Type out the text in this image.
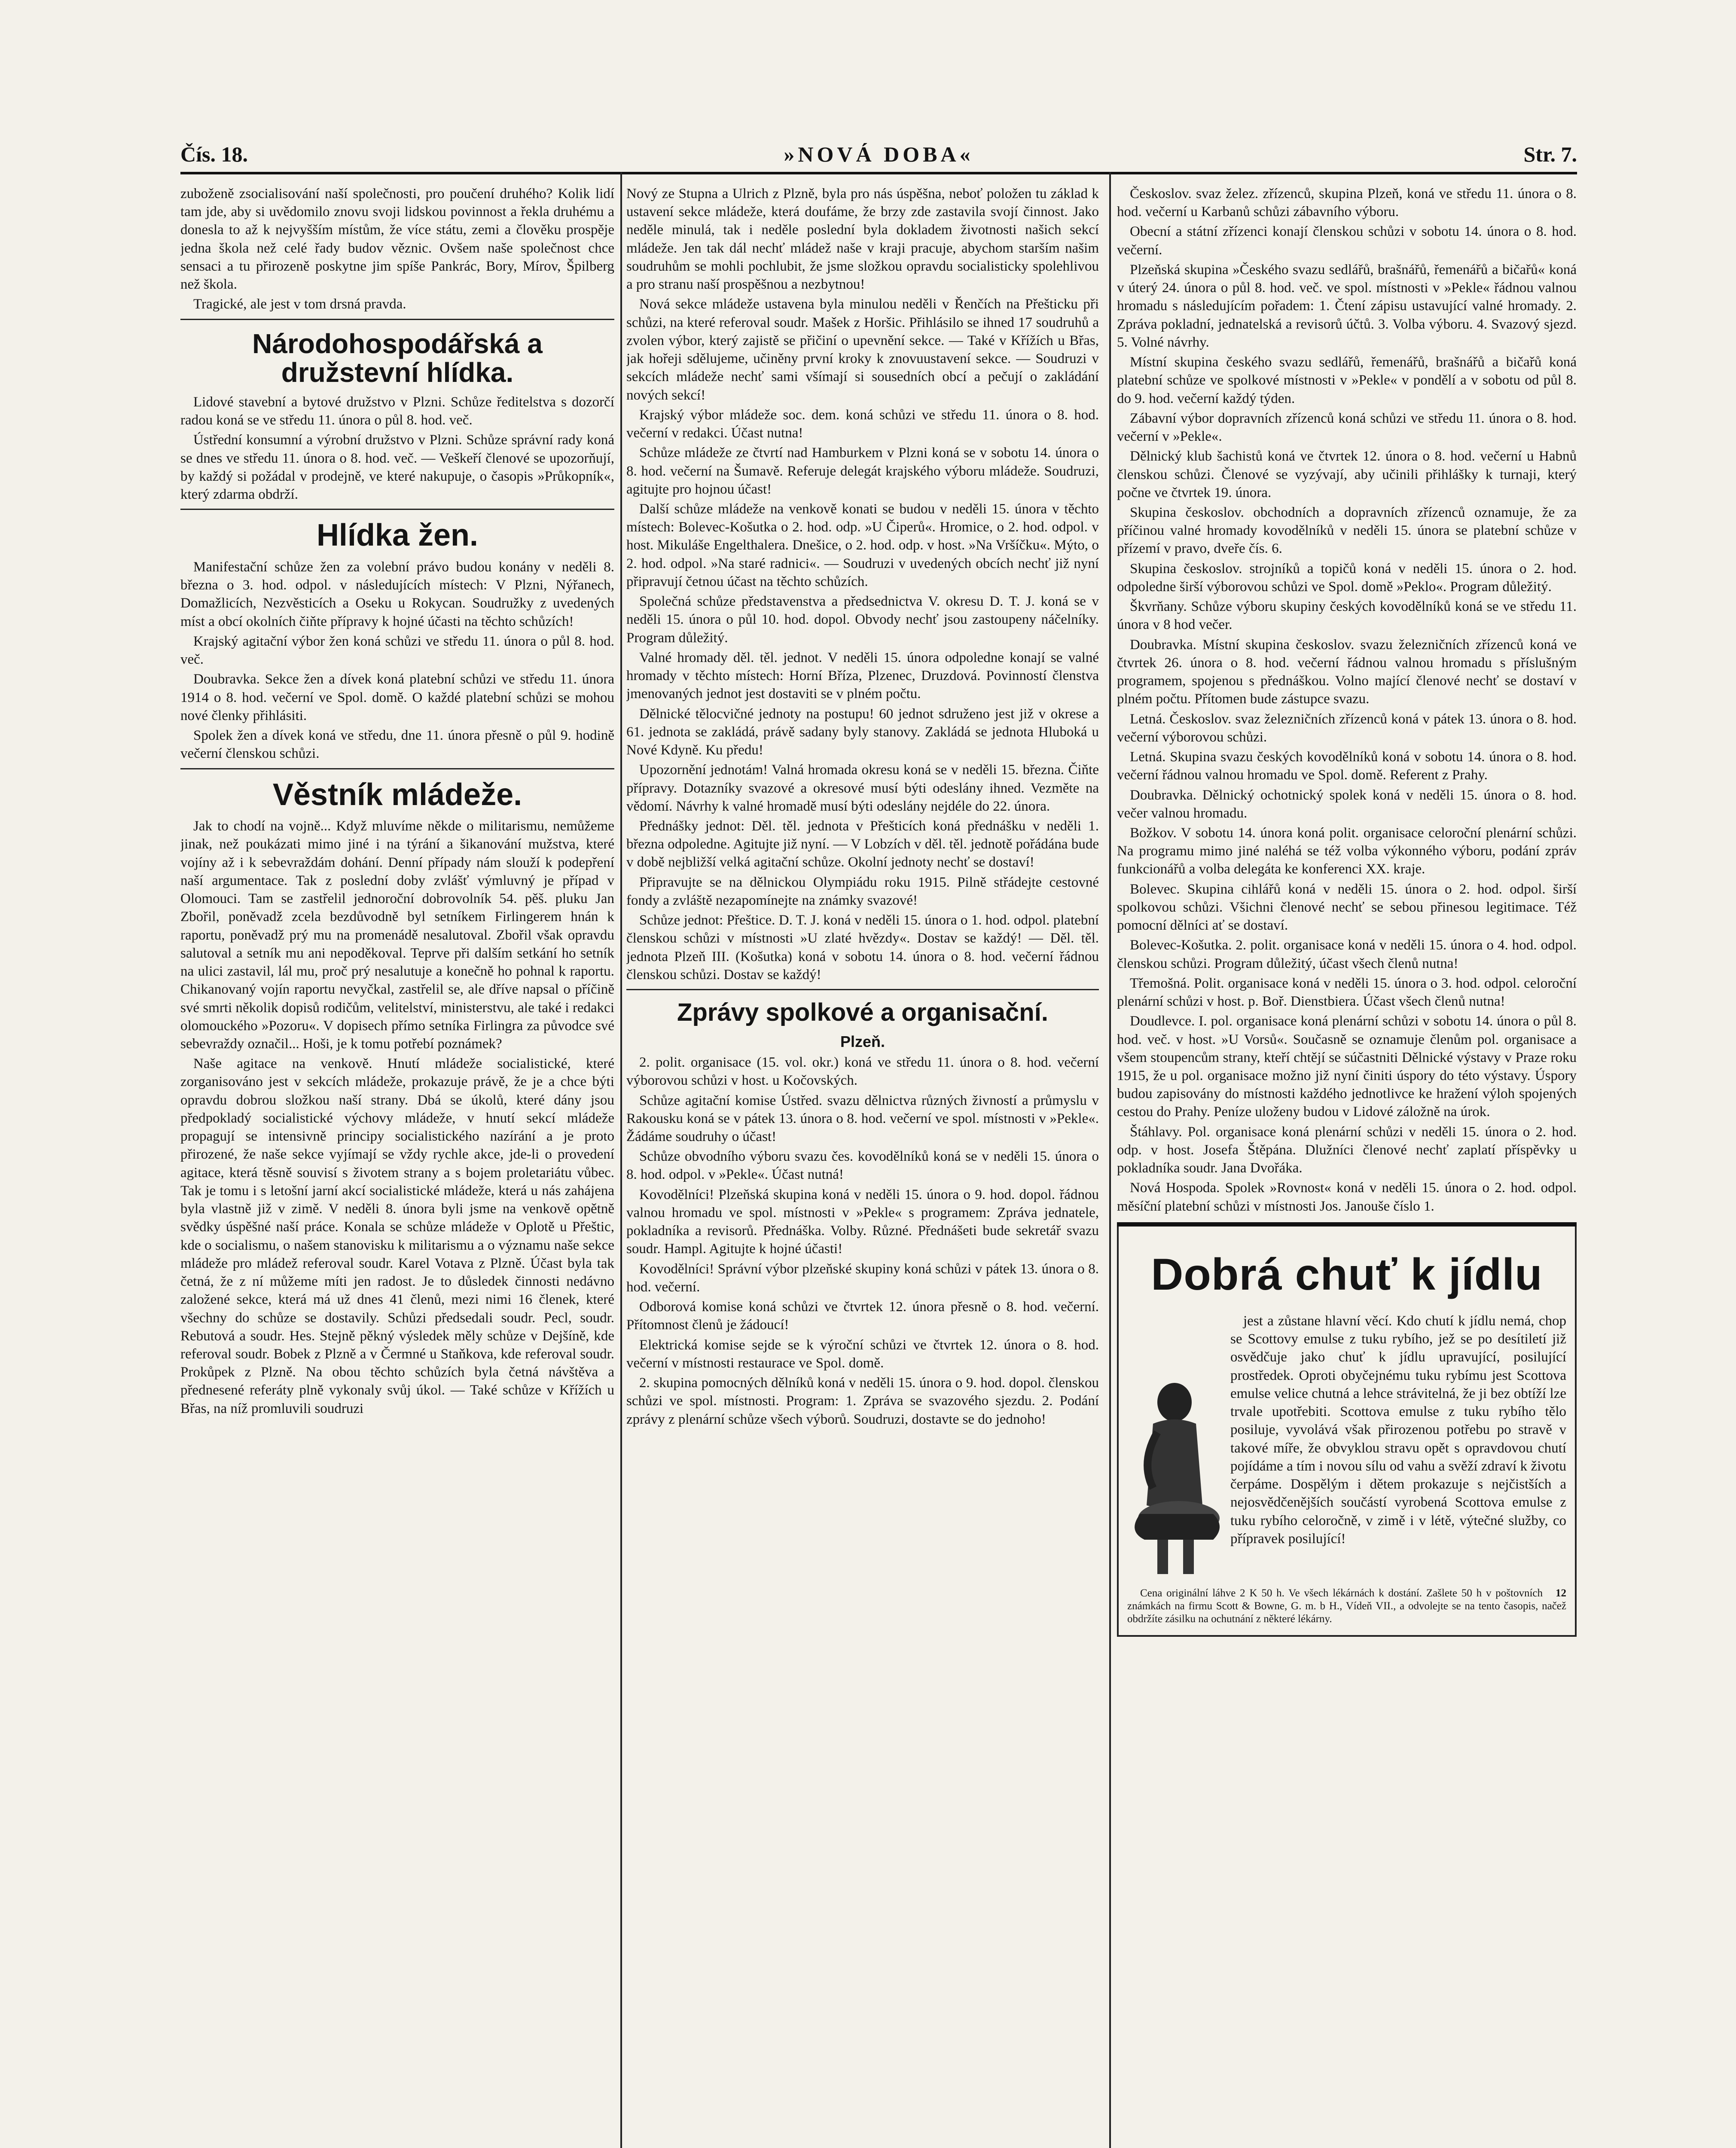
Čís. 18.	»NOVÁ DOBA«	Str. 7.

zuboženě zsocialisování naší společnosti, pro poučení druhého? Kolik lidí tam jde, aby si uvědomilo znovu svoji lidskou povinnost a řekla druhému a donesla to až k nejvyšším místům, že více státu, zemi a člověku prospěje jedna škola než celé řady budov věznic. Ovšem naše společnost chce sensaci a tu přirozeně poskytne jim spíše Pankrác, Bory, Mírov, Špilberg než škola.

Tragické, ale jest v tom drsná pravda.

Národohospodářská a družstevní hlídka.

Lidové stavební a bytové družstvo v Plzni. Schůze ředitelstva s dozorčí radou koná se ve středu 11. února o půl 8. hod. več.

Ústřední konsumní a výrobní družstvo v Plzni. Schůze správní rady koná se dnes ve středu 11. února o 8. hod. več. — Veškeří členové se upozorňují, by každý si požádal v prodejně, ve které nakupuje, o časopis »Průkopník«, který zdarma obdrží.

Hlídka žen.

Manifestační schůze žen za volební právo budou konány v neděli 8. března o 3. hod. odpol. v následujících místech: V Plzni, Nýřanech, Domažlicích, Nezvěsticích a Oseku u Rokycan. Soudružky z uvedených míst a obcí okolních čiňte přípravy k hojné účasti na těchto schůzích!

Krajský agitační výbor žen koná schůzi ve středu 11. února o půl 8. hod. več.

Doubravka. Sekce žen a dívek koná platební schůzi ve středu 11. února 1914 o 8. hod. večerní ve Spol. domě. O každé platební schůzi se mohou nové členky přihlásiti.

Spolek žen a dívek koná ve středu, dne 11. února přesně o půl 9. hodině večerní členskou schůzi.

Věstník mládeže.

Jak to chodí na vojně... Když mluvíme někde o militarismu, nemůžeme jinak, než poukázati mimo jiné i na týrání a šikanování mužstva, které vojíny až i k sebevraždám dohání. Denní případy nám slouží k podepření naší argumentace. Tak z poslední doby zvlášť výmluvný je případ v Olomouci. Tam se zastřelil jednoroční dobrovolník 54. pěš. pluku Jan Zbořil, poněvadž zcela bezdůvodně byl setníkem Firlingerem hnán k raportu, poněvadž prý mu na promenádě nesalutoval. Zbořil však opravdu salutoval a setník mu ani nepoděkoval. Teprve při dalším setkání ho setník na ulici zastavil, lál mu, proč prý nesalutuje a konečně ho pohnal k raportu. Chikanovaný vojín raportu nevyčkal, zastřelil se, ale dříve napsal o příčině své smrti několik dopisů rodičům, velitelství, ministerstvu, ale také i redakci olomouckého »Pozoru«. V dopisech přímo setníka Firlingra za původce své sebevraždy označil... Hoši, je k tomu potřebí poznámek?

Naše agitace na venkově. Hnutí mládeže socialistické, které zorganisováno jest v sekcích mládeže, prokazuje právě, že je a chce býti opravdu dobrou složkou naší strany. Dbá se úkolů, které dány jsou předpokladý socialistické výchovy mládeže, v hnutí sekcí mládeže propagují se intensivně principy socialistického nazírání a je proto přirozené, že naše sekce vyjímají se vždy rychle akce, jde-li o provedení agitace, která těsně souvisí s životem strany a s bojem proletariátu vůbec. Tak je tomu i s letošní jarní akcí socialistické mládeže, která u nás zahájena byla vlastně již v zimě. V neděli 8. února byli jsme na venkově opětně svědky úspěšné naší práce. Konala se schůze mládeže v Oplotě u Přeštic, kde o socialismu, o našem stanovisku k militarismu a o významu naše sekce mládeže pro mládež referoval soudr. Karel Votava z Plzně. Účast byla tak četná, že z ní můžeme míti jen radost. Je to důsledek činnosti nedávno založené sekce, která má už dnes 41 členů, mezi nimi 16 členek, které všechny do schůze se dostavily. Schůzi předsedali soudr. Pecl, soudr. Rebutová a soudr. Hes. Stejně pěkný výsledek měly schůze v Dejšíně, kde referoval soudr. Bobek z Plzně a v Čermné u Staňkova, kde referoval soudr. Prokůpek z Plzně. Na obou těchto schůzích byla četná návštěva a přednesené referáty plně vykonaly svůj úkol. — Také schůze v Křížích u Břas, na níž promluvili soudruzi

Nový ze Stupna a Ulrich z Plzně, byla pro nás úspěšna, neboť položen tu základ k ustavení sekce mládeže, která doufáme, že brzy zde zastavila svojí činnost. Jako neděle minulá, tak i neděle poslední byla dokladem životnosti našich sekcí mládeže. Jen tak dál nechť mládež naše v kraji pracuje, abychom starším našim soudruhům se mohli pochlubit, že jsme složkou opravdu socialisticky spolehlivou a pro stranu naší prospěšnou a nezbytnou!

Nová sekce mládeže ustavena byla minulou neděli v Řenčích na Přešticku při schůzi, na které referoval soudr. Mašek z Horšic. Přihlásilo se ihned 17 soudruhů a zvolen výbor, který zajistě se přičiní o upevnění sekce. — Také v Křížích u Břas, jak hořeji sdělujeme, učiněny první kroky k znovuustavení sekce. — Soudruzi v sekcích mládeže nechť sami všímají si sousedních obcí a pečují o zakládání nových sekcí!

Krajský výbor mládeže soc. dem. koná schůzi ve středu 11. února o 8. hod. večerní v redakci. Účast nutna!

Schůze mládeže ze čtvrtí nad Hamburkem v Plzni koná se v sobotu 14. února o 8. hod. večerní na Šumavě. Referuje delegát krajského výboru mládeže. Soudruzi, agitujte pro hojnou účast!

Další schůze mládeže na venkově konati se budou v neděli 15. února v těchto místech: Bolevec-Košutka o 2. hod. odp. »U Čiperů«. Hromice, o 2. hod. odpol. v host. Mikuláše Engelthalera. Dnešice, o 2. hod. odp. v host. »Na Vršíčku«. Mýto, o 2. hod. odpol. »Na staré radnici«. — Soudruzi v uvedených obcích nechť již nyní připravují četnou účast na těchto schůzích.

Společná schůze představenstva a předsednictva V. okresu D. T. J. koná se v neděli 15. února o půl 10. hod. dopol. Obvody nechť jsou zastoupeny náčelníky. Program důležitý.

Valné hromady děl. těl. jednot. V neděli 15. února odpoledne konají se valné hromady v těchto místech: Horní Bříza, Plzenec, Druzdová. Povinností členstva jmenovaných jednot jest dostaviti se v plném počtu.

Dělnické tělocvičné jednoty na postupu! 60 jednot sdruženo jest již v okrese a 61. jednota se zakládá, právě sadany byly stanovy. Zakládá se jednota Hluboká u Nové Kdyně. Ku předu!

Upozornění jednotám! Valná hromada okresu koná se v neděli 15. března. Čiňte přípravy. Dotazníky svazové a okresové musí býti odeslány ihned. Vezměte na vědomí. Návrhy k valné hromadě musí býti odeslány nejdéle do 22. února.

Přednášky jednot: Děl. těl. jednota v Přešticích koná přednášku v neděli 1. března odpoledne. Agitujte již nyní. — V Lobzích v děl. těl. jednotě pořádána bude v době nejbližší velká agitační schůze. Okolní jednoty nechť se dostaví!

Připravujte se na dělnickou Olympiádu roku 1915. Pilně střádejte cestovné fondy a zvláště nezapomínejte na známky svazové!

Schůze jednot: Přeštice. D. T. J. koná v neděli 15. února o 1. hod. odpol. platební členskou schůzi v místnosti »U zlaté hvězdy«. Dostav se každý! — Děl. těl. jednota Plzeň III. (Košutka) koná v sobotu 14. února o 8. hod. večerní řádnou členskou schůzi. Dostav se každý!

Zprávy spolkové a organisační.
Plzeň.

2. polit. organisace (15. vol. okr.) koná ve středu 11. února o 8. hod. večerní výborovou schůzi v host. u Kočovských.

Schůze agitační komise Ústřed. svazu dělnictva různých živností a průmyslu v Rakousku koná se v pátek 13. února o 8. hod. večerní ve spol. místnosti v »Pekle«. Žádáme soudruhy o účast!

Schůze obvodního výboru svazu čes. kovodělníků koná se v neděli 15. února o 8. hod. odpol. v »Pekle«. Účast nutná!

Kovodělníci! Plzeňská skupina koná v neděli 15. února o 9. hod. dopol. řádnou valnou hromadu ve spol. místnosti v »Pekle« s programem: Zpráva jednatele, pokladníka a revisorů. Přednáška. Volby. Různé. Přednášeti bude sekretář svazu soudr. Hampl. Agitujte k hojné účasti!

Kovodělníci! Správní výbor plzeňské skupiny koná schůzi v pátek 13. února o 8. hod. večerní.

Odborová komise koná schůzi ve čtvrtek 12. února přesně o 8. hod. večerní. Přítomnost členů je žádoucí!

Elektrická komise sejde se k výroční schůzi ve čtvrtek 12. února o 8. hod. večerní v místnosti restaurace ve Spol. domě.

2. skupina pomocných dělníků koná v neděli 15. února o 9. hod. dopol. členskou schůzi ve spol. místnosti. Program: 1. Zpráva se svazového sjezdu. 2. Podání zprávy z plenární schůze všech výborů. Soudruzi, dostavte se do jednoho!

Českoslov. svaz želez. zřízenců, skupina Plzeň, koná ve středu 11. února o 8. hod. večerní u Karbanů schůzi zábavního výboru.

Obecní a státní zřízenci konají členskou schůzi v sobotu 14. února o 8. hod. večerní.

Plzeňská skupina »Českého svazu sedlářů, brašnářů, řemenářů a bičařů« koná v úterý 24. února o půl 8. hod. več. ve spol. místnosti v »Pekle« řádnou valnou hromadu s následujícím pořadem: 1. Čtení zápisu ustavující valné hromady. 2. Zpráva pokladní, jednatelská a revisorů účtů. 3. Volba výboru. 4. Svazový sjezd. 5. Volné návrhy.

Místní skupina českého svazu sedlářů, řemenářů, brašnářů a bičařů koná platební schůze ve spolkové místnosti v »Pekle« v pondělí a v sobotu od půl 8. do 9. hod. večerní každý týden.

Zábavní výbor dopravních zřízenců koná schůzi ve středu 11. února o 8. hod. večerní v »Pekle«.

Dělnický klub šachistů koná ve čtvrtek 12. února o 8. hod. večerní u Habnů členskou schůzi. Členové se vyzývají, aby učinili přihlášky k turnaji, který počne ve čtvrtek 19. února.

Skupina českoslov. obchodních a dopravních zřízenců oznamuje, že za příčinou valné hromady kovodělníků v neděli 15. února se platební schůze v přízemí v pravo, dveře čís. 6.

Skupina českoslov. strojníků a topičů koná v neděli 15. února o 2. hod. odpoledne širší výborovou schůzi ve Spol. domě »Peklo«. Program důležitý.

Škvrňany. Schůze výboru skupiny českých kovodělníků koná se ve středu 11. února v 8 hod večer.

Doubravka. Místní skupina českoslov. svazu železničních zřízenců koná ve čtvrtek 26. února o 8. hod. večerní řádnou valnou hromadu s příslušným programem, spojenou s přednáškou. Volno mající členové nechť se dostaví v plném počtu. Přítomen bude zástupce svazu.

Letná. Českoslov. svaz železničních zřízenců koná v pátek 13. února o 8. hod. večerní výborovou schůzi.

Letná. Skupina svazu českých kovodělníků koná v sobotu 14. února o 8. hod. večerní řádnou valnou hromadu ve Spol. domě. Referent z Prahy.

Doubravka. Dělnický ochotnický spolek koná v neděli 15. února o 8. hod. večer valnou hromadu.

Božkov. V sobotu 14. února koná polit. organisace celoroční plenární schůzi. Na programu mimo jiné naléhá se též volba výkonného výboru, podání zpráv funkcionářů a volba delegáta ke konferenci XX. kraje.

Bolevec. Skupina cihlářů koná v neděli 15. února o 2. hod. odpol. širší spolkovou schůzi. Všichni členové nechť se sebou přinesou legitimace. Též pomocní dělníci ať se dostaví.

Bolevec-Košutka. 2. polit. organisace koná v neděli 15. února o 4. hod. odpol. členskou schůzi. Program důležitý, účast všech členů nutna!

Třemošná. Polit. organisace koná v neděli 15. února o 3. hod. odpol. celoroční plenární schůzi v host. p. Boř. Dienstbiera. Účast všech členů nutna!

Doudlevce. I. pol. organisace koná plenární schůzi v sobotu 14. února o půl 8. hod. več. v host. »U Vorsů«. Současně se oznamuje členům pol. organisace a všem stoupencům strany, kteří chtějí se súčastniti Dělnické výstavy v Praze roku 1915, že u pol. organisace možno již nyní činiti úspory do této výstavy. Úspory budou zapisovány do místnosti každého jednotlivce ke hražení výloh spojených cestou do Prahy. Peníze uloženy budou v Lidové záložně na úrok.

Štáhlavy. Pol. organisace koná plenární schůzi v neděli 15. února o 2. hod. odp. v host. Josefa Štěpána. Dlužníci členové nechť zaplatí příspěvky u pokladníka soudr. Jana Dvořáka.

Nová Hospoda. Spolek »Rovnost« koná v neděli 15. února o 2. hod. odpol. měsíční platební schůzi v místnosti Jos. Janouše číslo 1.

Dobrá chuť k jídlu

jest a zůstane hlavní věcí. Kdo chutí k jídlu nemá, chop se Scottovy emulse z tuku rybího, jež se po desítiletí již osvědčuje jako chuť k jídlu upravující, posilující prostředek. Oproti obyčejnému tuku rybímu jest Scottova emulse velice chutná a lehce strávitelná, že ji bez obtíží lze trvale upotřebiti. Scottova emulse z tuku rybího tělo posiluje, vyvolává však přirozenou potřebu po stravě v takové míře, že obvyklou stravu opět s opravdovou chutí pojídáme a tím i novou sílu od vahu a svěží zdraví k životu čerpáme. Dospělým i dětem prokazuje s nejčistších a nejosvědčenějších součástí vyrobená Scottova emulse z tuku rybího celoročně, v zimě i v létě, výtečné služby, co přípravek posilující!

12
Cena originální láhve 2 K 50 h. Ve všech lékárnách k dostání. Zašlete 50 h v poštovních známkách na firmu Scott & Bowne, G. m. b H., Vídeň VII., a odvolejte se na tento časopis, načež obdržíte zásilku na ochutnání z některé lékárny.
